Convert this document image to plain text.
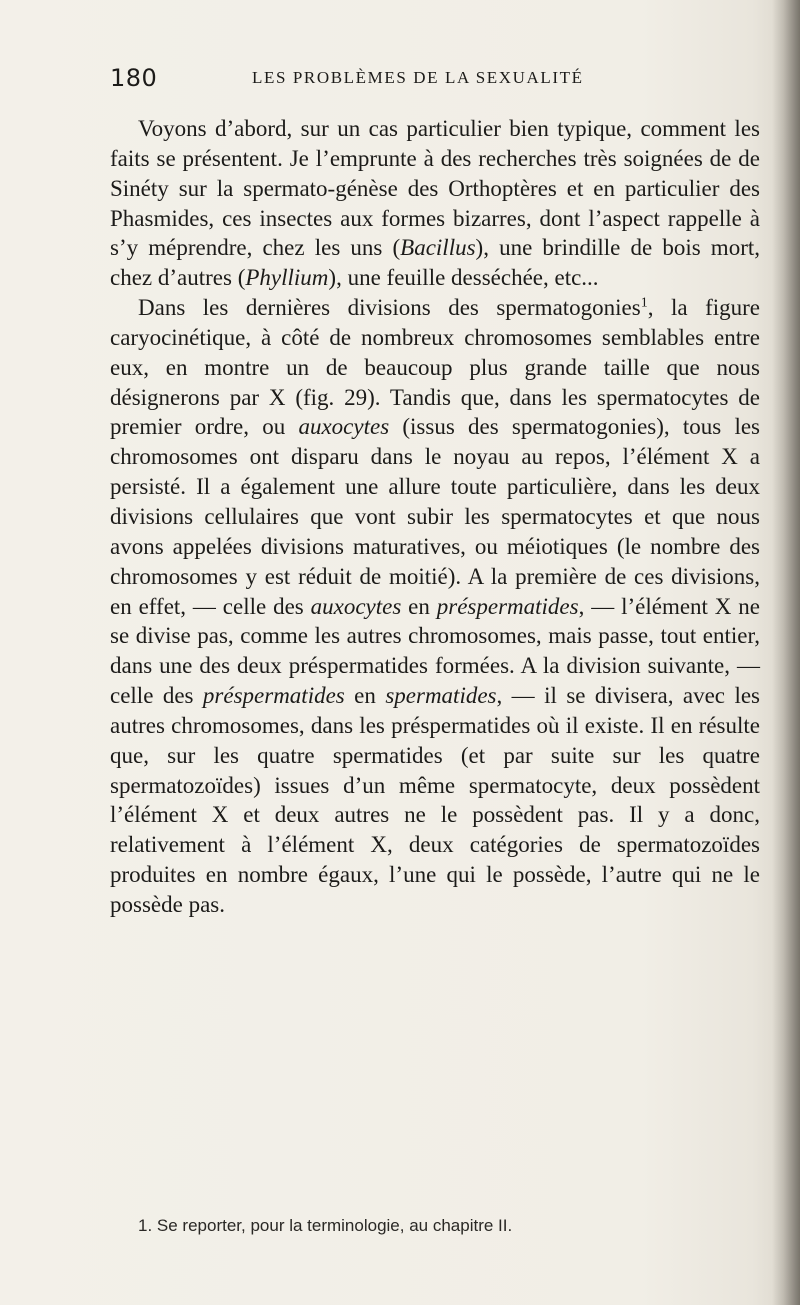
180	LES PROBLÈMES DE LA SEXUALITÉ

Voyons d’abord, sur un cas particulier bien typique, comment les faits se présentent. Je l’emprunte à des recherches très soignées de de Sinéty sur la spermato-génèse des Orthoptères et en particulier des Phasmides, ces insectes aux formes bizarres, dont l’aspect rappelle à s’y méprendre, chez les uns (Bacillus), une brindille de bois mort, chez d’autres (Phyllium), une feuille desséchée, etc...

Dans les dernières divisions des spermatogonies$^1$, la figure caryocinétique, à côté de nombreux chromosomes semblables entre eux, en montre un de beaucoup plus grande taille que nous désignerons par X (fig. 29). Tandis que, dans les spermatocytes de premier ordre, ou auxocytes (issus des spermatogonies), tous les chromosomes ont disparu dans le noyau au repos, l’élément X a persisté. Il a également une allure toute particulière, dans les deux divisions cellulaires que vont subir les spermatocytes et que nous avons appelées divisions maturatives, ou méiotiques (le nombre des chromosomes y est réduit de moitié). A la première de ces divisions, en effet, — celle des auxocytes en préspermatides, — l’élément X ne se divise pas, comme les autres chromosomes, mais passe, tout entier, dans une des deux préspermatides formées. A la division suivante, — celle des préspermatides en spermatides, — il se divisera, avec les autres chromosomes, dans les préspermatides où il existe. Il en résulte que, sur les quatre spermatides (et par suite sur les quatre spermatozoïdes) issues d’un même spermatocyte, deux possèdent l’élément X et deux autres ne le possèdent pas. Il y a donc, relativement à l’élément X, deux catégories de spermatozoïdes produites en nombre égaux, l’une qui le possède, l’autre qui ne le possède pas.

1. Se reporter, pour la terminologie, au chapitre II.
